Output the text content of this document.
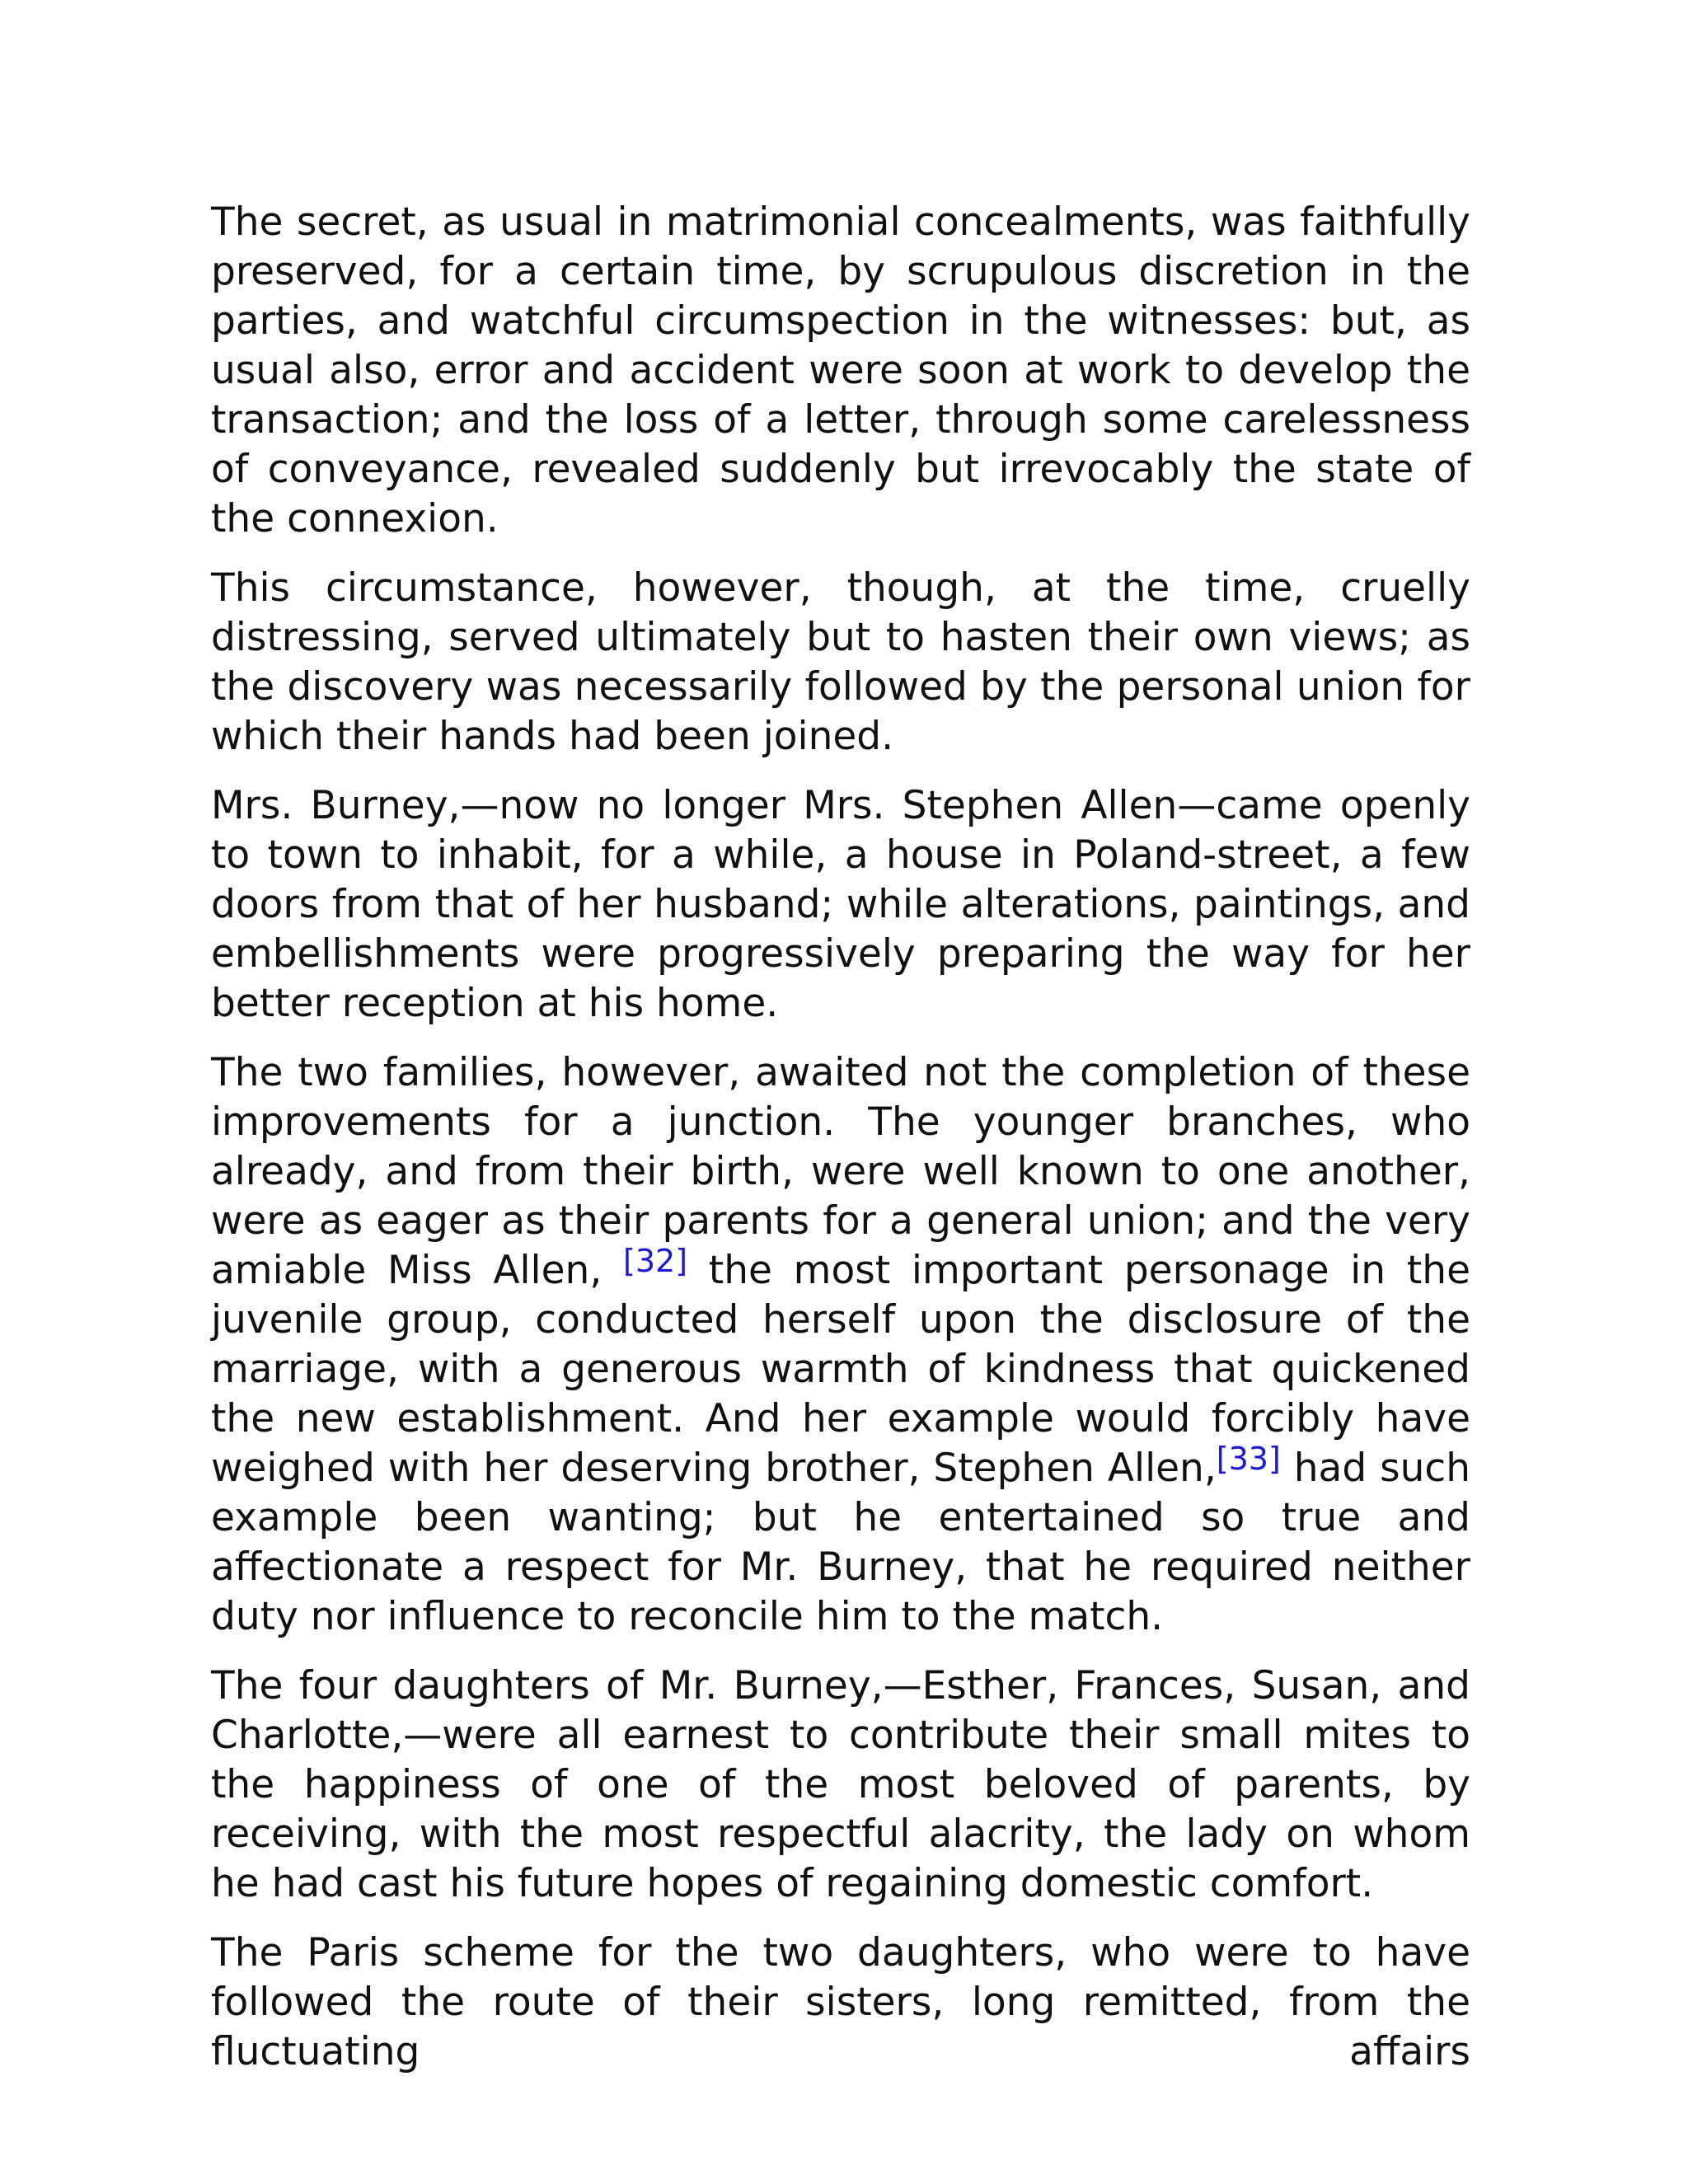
The secret, as usual in matrimonial concealments, was faithfully preserved, for a certain time, by scrupulous discretion in the parties, and watchful circumspection in the witnesses: but, as usual also, error and accident were soon at work to develop the transaction; and the loss of a letter, through some carelessness of conveyance, revealed suddenly but irrevocably the state of the connexion.

This circumstance, however, though, at the time, cruelly distressing, served ultimately but to hasten their own views; as the discovery was necessarily followed by the personal union for which their hands had been joined.

Mrs. Burney,—now no longer Mrs. Stephen Allen—came openly to town to inhabit, for a while, a house in Poland-street, a few doors from that of her husband; while alterations, paintings, and embellishments were progressively preparing the way for her better reception at his home.

The two families, however, awaited not the completion of these improvements for a junction. The younger branches, who already, and from their birth, were well known to one another, were as eager as their parents for a general union; and the very amiable Miss Allen, [32] the most important personage in the juvenile group, conducted herself upon the disclosure of the marriage, with a generous warmth of kindness that quickened the new establishment. And her example would forcibly have weighed with her deserving brother, Stephen Allen,[33] had such example been wanting; but he entertained so true and affectionate a respect for Mr. Burney, that he required neither duty nor influence to reconcile him to the match.

The four daughters of Mr. Burney,—Esther, Frances, Susan, and Charlotte,—were all earnest to contribute their small mites to the happiness of one of the most beloved of parents, by receiving, with the most respectful alacrity, the lady on whom he had cast his future hopes of regaining domestic comfort.

The Paris scheme for the two daughters, who were to have followed the route of their sisters, long remitted, from the fluctuating affairs
